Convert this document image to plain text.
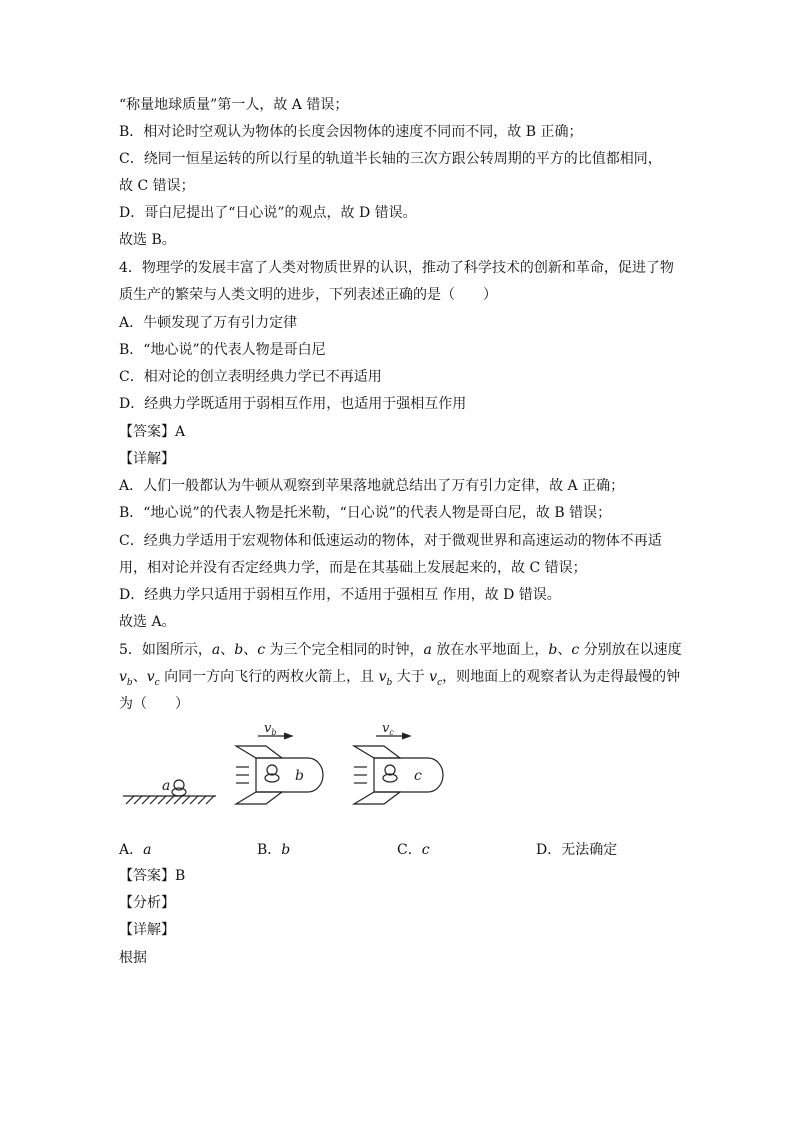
“称量地球质量”第一人，故 A 错误；
B．相对论时空观认为物体的长度会因物体的速度不同而不同，故 B 正确；
C．绕同一恒星运转的所以行星的轨道半长轴的三次方跟公转周期的平方的比值都相同，
故 C 错误；
D．哥白尼提出了“日心说”的观点，故 D 错误。
故选 B。
4．物理学的发展丰富了人类对物质世界的认识，推动了科学技术的创新和革命，促进了物
质生产的繁荣与人类文明的进步，下列表述正确的是（　　）
A．牛顿发现了万有引力定律
B．“地心说”的代表人物是哥白尼
C．相对论的创立表明经典力学已不再适用
D．经典力学既适用于弱相互作用，也适用于强相互作用
【答案】A
【详解】
A．人们一般都认为牛顿从观察到苹果落地就总结出了万有引力定律，故 A 正确；
B．“地心说”的代表人物是托米勒，“日心说”的代表人物是哥白尼，故 B 错误；
C．经典力学适用于宏观物体和低速运动的物体，对于微观世界和高速运动的物体不再适
用，相对论并没有否定经典力学，而是在其基础上发展起来的，故 C 错误；
D．经典力学只适用于弱相互作用，不适用于强相互 作用，故 D 错误。
故选 A。
5．如图所示，a、b、c 为三个完全相同的时钟，a 放在水平地面上，b、c 分别放在以速度
$v_b$、$v_c$ 向同一方向飞行的两枚火箭上，且 $v_b$ 大于 $v_c$，则地面上的观察者认为走得最慢的钟
为（　　）
a
b
$v_b$
c
$v_c$
A．a	B．b	C．c	D．无法确定
【答案】B
【分析】
【详解】
根据
